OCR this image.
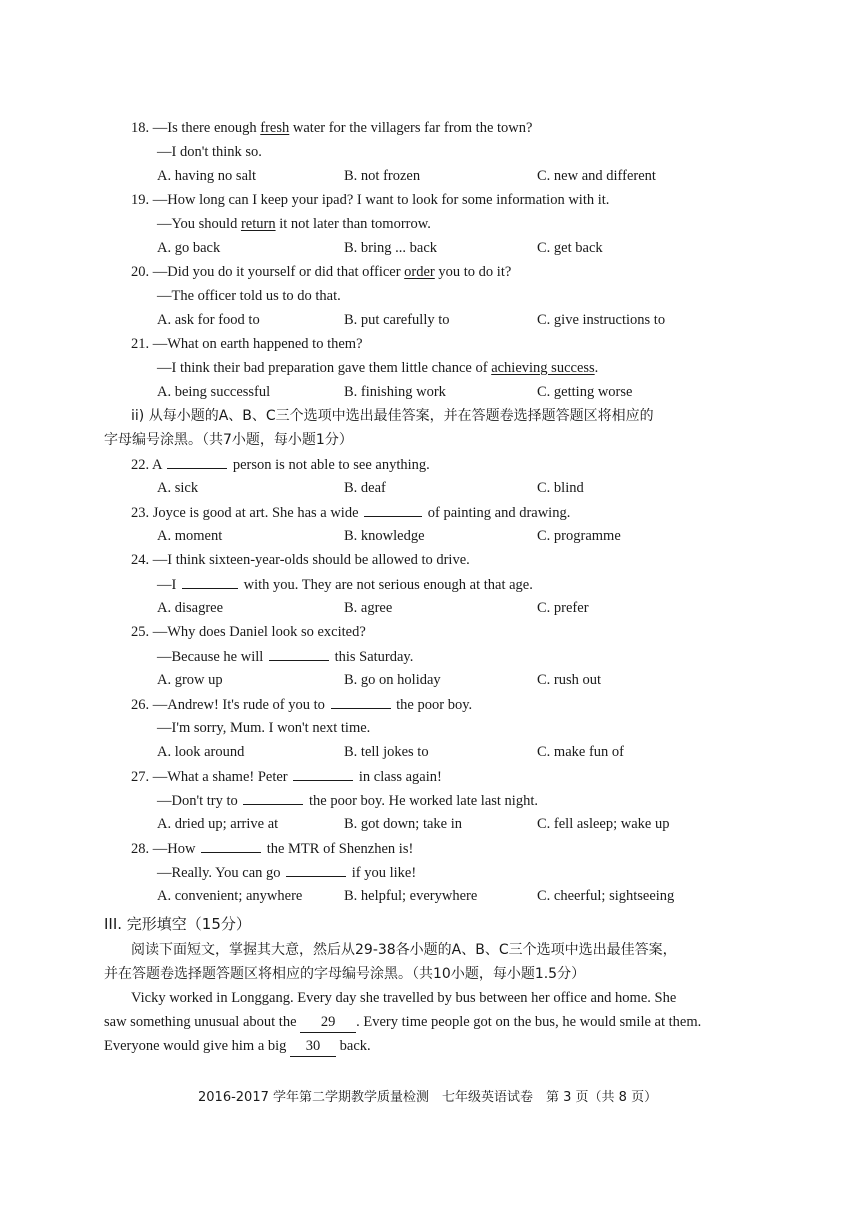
18. —Is there enough fresh water for the villagers far from the town?
—I don't think so.
A. having no salt	B. not frozen	C. new and different
19. —How long can I keep your ipad? I want to look for some information with it.
—You should return it not later than tomorrow.
A. go back	B. bring ... back	C. get back
20. —Did you do it yourself or did that officer order you to do it?
—The officer told us to do that.
A. ask for food to	B. put carefully to	C. give instructions to
21. —What on earth happened to them?
—I think their bad preparation gave them little chance of achieving success.
A. being successful	B. finishing work	C. getting worse
ii) 从每小题的A、B、C三个选项中选出最佳答案，并在答题卷选择题答题区将相应的
字母编号涂黑。（共7小题，每小题1分）
22. A	person is not able to see anything.
A. sick	B. deaf	C. blind
23. Joyce is good at art. She has a wide	of painting and drawing.
A. moment	B. knowledge	C. programme
24. —I think sixteen-year-olds should be allowed to drive.
—I	with you. They are not serious enough at that age.
A. disagree	B. agree	C. prefer
25. —Why does Daniel look so excited?
—Because he will	this Saturday.
A. grow up	B. go on holiday	C. rush out
26. —Andrew! It's rude of you to	the poor boy.
—I'm sorry, Mum. I won't next time.
A. look around	B. tell jokes to	C. make fun of
27. —What a shame! Peter	in class again!
—Don't try to	the poor boy. He worked late last night.
A. dried up; arrive at	B. got down; take in	C. fell asleep; wake up
28. —How	the MTR of Shenzhen is!
—Really. You can go	if you like!
A. convenient; anywhere	B. helpful; everywhere	C. cheerful; sightseeing
III. 完形填空（15分）
阅读下面短文，掌握其大意，然后从29-38各小题的A、B、C三个选项中选出最佳答案，
并在答题卷选择题答题区将相应的字母编号涂黑。（共10小题，每小题1.5分）
Vicky worked in Longgang. Every day she travelled by bus between her office and home. She
saw something unusual about the 29 . Every time people got on the bus, he would smile at them.
Everyone would give him a big 30 back.
2016-2017 学年第二学期教学质量检测　七年级英语试卷　第 3 页（共 8 页）
